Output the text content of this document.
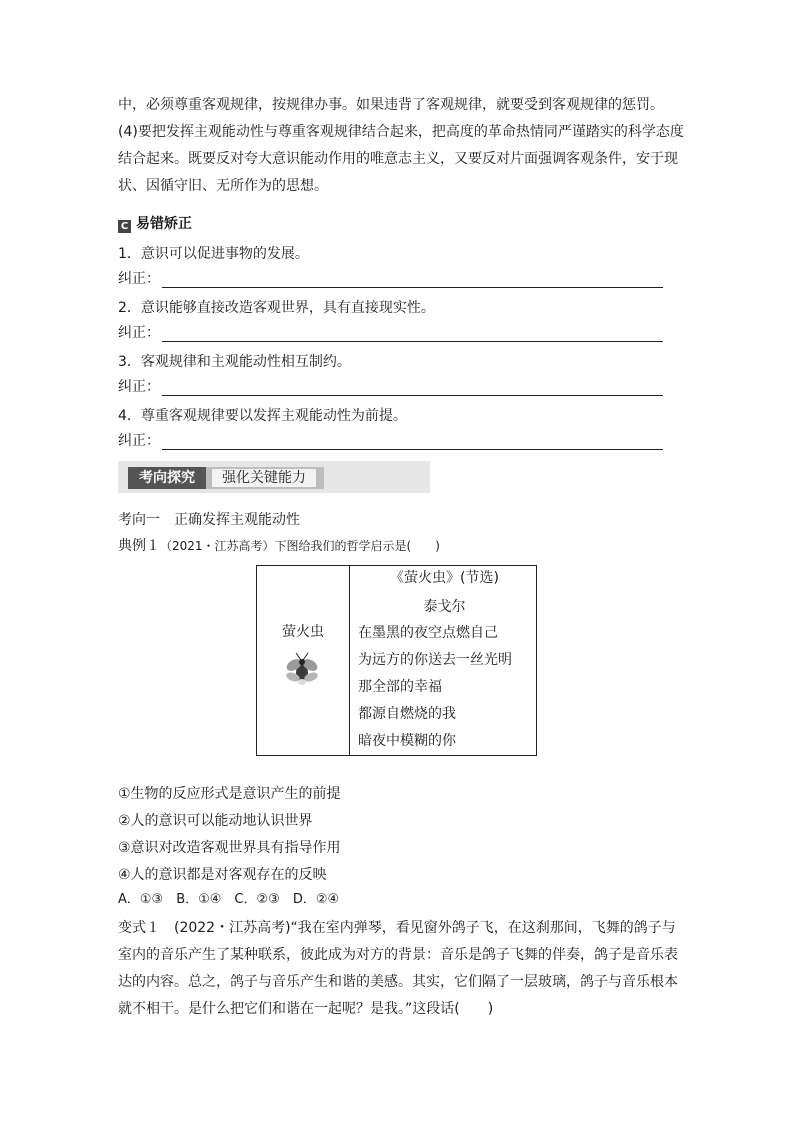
中，必须尊重客观规律，按规律办事。如果违背了客观规律，就要受到客观规律的惩罚。
(4)要把发挥主观能动性与尊重客观规律结合起来，把高度的革命热情同严谨踏实的科学态度
结合起来。既要反对夸大意识能动作用的唯意志主义，又要反对片面强调客观条件，安于现
状、因循守旧、无所作为的思想。
C 易错矫正
1．意识可以促进事物的发展。
纠正：
2．意识能够直接改造客观世界，具有直接现实性。
纠正：
3．客观规律和主观能动性相互制约。
纠正：
4．尊重客观规律要以发挥主观能动性为前提。
纠正：
考向探究	强化关键能力
考向一　正确发挥主观能动性
典例１（2021・江苏高考）下图给我们的哲学启示是(　　)
萤火虫

《萤火虫》(节选)
泰戈尔
在墨黑的夜空点燃自己
为远方的你送去一丝光明
那全部的幸福
都源自燃烧的我
暗夜中模糊的你
①生物的反应形式是意识产生的前提
②人的意识可以能动地认识世界
③意识对改造客观世界具有指导作用
④人的意识都是对客观存在的反映
A．①③　B．①④　C．②③　D．②④
变式１　(2022・江苏高考)“我在室内弹琴，看见窗外鸽子飞，在这刹那间，飞舞的鸽子与
室内的音乐产生了某种联系，彼此成为对方的背景：音乐是鸽子飞舞的伴奏，鸽子是音乐表
达的内容。总之，鸽子与音乐产生和谐的美感。其实，它们隔了一层玻璃，鸽子与音乐根本
就不相干。是什么把它们和谐在一起呢？是我。”这段话(　　)
